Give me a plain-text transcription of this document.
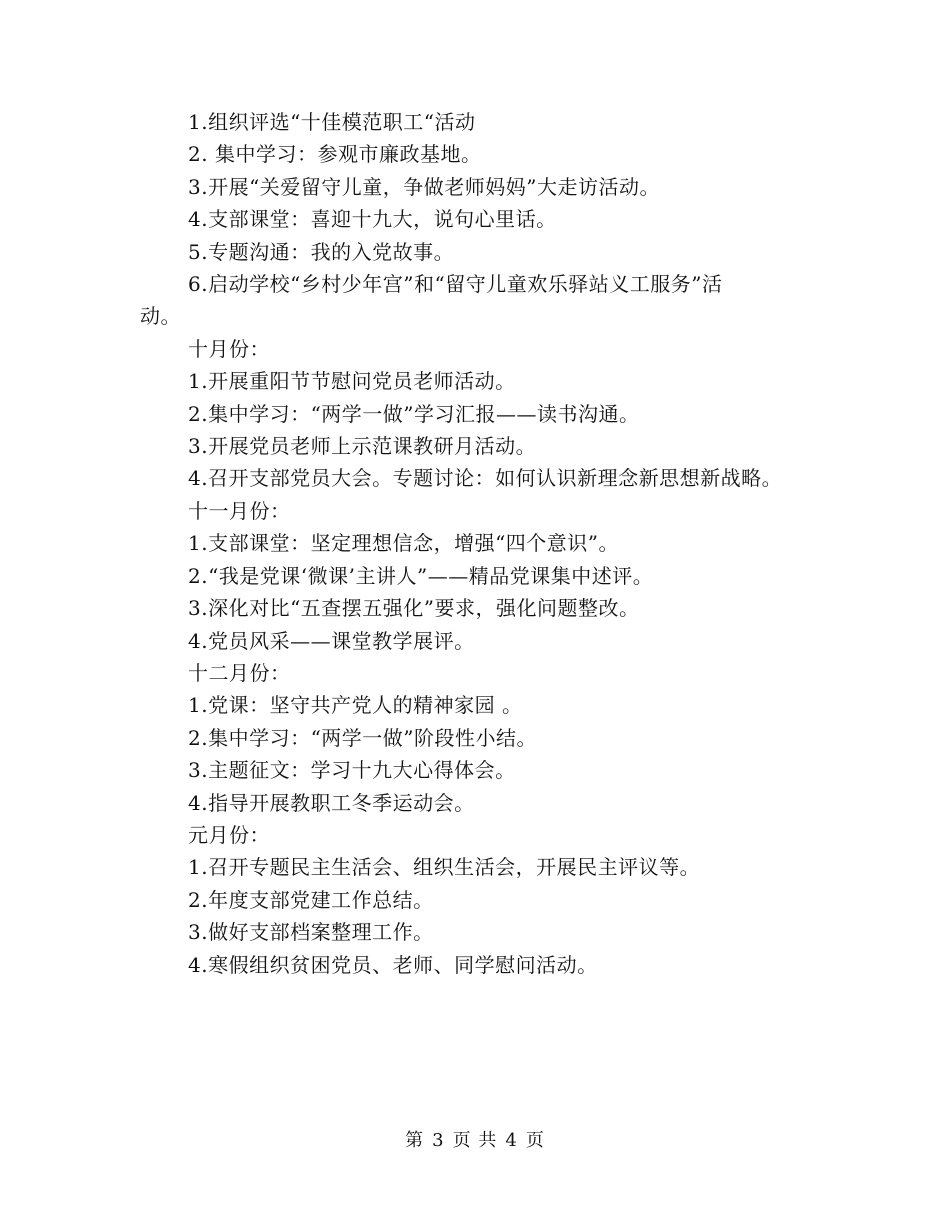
1.组织评选“十佳模范职工“活动
2. 集中学习：参观市廉政基地。
3.开展“关爱留守儿童，争做老师妈妈”大走访活动。
4.支部课堂：喜迎十九大，说句心里话。
5.专题沟通：我的入党故事。
6.启动学校“乡村少年宫”和“留守儿童欢乐驿站义工服务”活
动。
十月份：
1.开展重阳节节慰问党员老师活动。
2.集中学习：“两学一做”学习汇报——读书沟通。
3.开展党员老师上示范课教研月活动。
4.召开支部党员大会。专题讨论：如何认识新理念新思想新战略。
十一月份：
1.支部课堂：坚定理想信念，增强“四个意识”。
2.“我是党课‘微课’主讲人”——精品党课集中述评。
3.深化对比“五查摆五强化”要求，强化问题整改。
4.党员风采——课堂教学展评。
十二月份：
1.党课：坚守共产党人的精神家园 。
2.集中学习：“两学一做”阶段性小结。
3.主题征文：学习十九大心得体会。
4.指导开展教职工冬季运动会。
元月份：
1.召开专题民主生活会、组织生活会，开展民主评议等。
2.年度支部党建工作总结。
3.做好支部档案整理工作。
4.寒假组织贫困党员、老师、同学慰问活动。
第 3 页 共 4 页
